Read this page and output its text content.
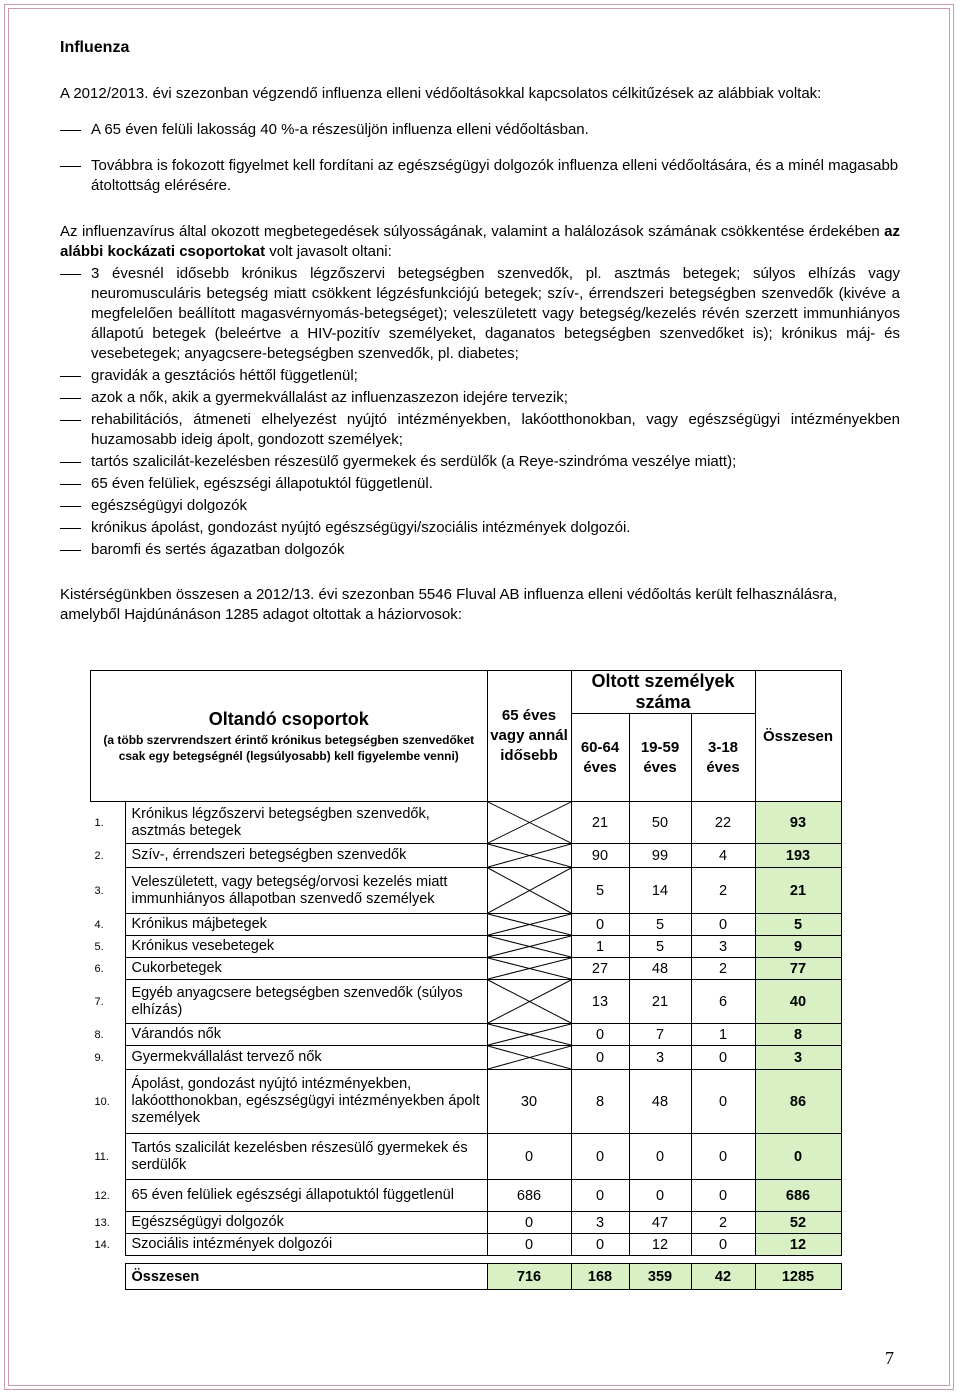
Influenza

A 2012/2013. évi szezonban végzendő influenza elleni védőoltásokkal kapcsolatos célkitűzések az alábbiak voltak:

A 65 éven felüli lakosság 40 %-a részesüljön influenza elleni védőoltásban.

Továbbra is fokozott figyelmet kell fordítani az egészségügyi dolgozók influenza elleni védőoltására, és a minél magasabb átoltottság elérésére.

Az influenzavírus által okozott megbetegedések súlyosságának, valamint a halálozások számának csökkentése érdekében az alábbi kockázati csoportokat volt javasolt oltani:

3 évesnél idősebb krónikus légzőszervi betegségben szenvedők, pl. asztmás betegek; súlyos elhízás vagy neuromusculáris betegség miatt csökkent légzésfunkciójú betegek; szív-, érrendszeri betegségben szenvedők (kivéve a megfelelően beállított magasvérnyomás-betegséget); veleszületett vagy betegség/kezelés révén szerzett immunhiányos állapotú betegek (beleértve a HIV-pozitív személyeket, daganatos betegségben szenvedőket is); krónikus máj- és vesebetegek; anyagcsere-betegségben szenvedők, pl. diabetes;

gravidák a gesztációs héttől függetlenül;

azok a nők, akik a gyermekvállalást az influenzaszezon idejére tervezik;

rehabilitációs, átmeneti elhelyezést nyújtó intézményekben, lakóotthonokban, vagy egészségügyi intézményekben huzamosabb ideig ápolt, gondozott személyek;

tartós szalicilát-kezelésben részesülő gyermekek és serdülők (a Reye-szindróma veszélye miatt);

65 éven felüliek, egészségi állapotuktól függetlenül.

egészségügyi dolgozók

krónikus ápolást, gondozást nyújtó egészségügyi/szociális intézmények dolgozói.

baromfi és sertés ágazatban dolgozók

Kistérségünkben összesen a 2012/13. évi szezonban 5546 Fluval AB influenza elleni védőoltás került felhasználásra, amelyből Hajdúnánáson 1285 adagot oltottak a háziorvosok:

Oltandó csoportok
(a több szervrendszert érintő krónikus betegségben szenvedőket csak egy betegségnél (legsúlyosabb) kell figyelembe venni)		65 éves vagy annál idősebb	Oltott személyek száma			Összesen
			60-64 éves	19-59 éves	3-18 éves	
1.	Krónikus légzőszervi betegségben szenvedők, asztmás betegek		21	50	22	93
2.	Szív-, érrendszeri betegségben szenvedők		90	99	4	193
3.	Veleszületett, vagy betegség/orvosi kezelés miatt immunhiányos állapotban szenvedő személyek		5	14	2	21
4.	Krónikus májbetegek		0	5	0	5
5.	Krónikus vesebetegek		1	5	3	9
6.	Cukorbetegek		27	48	2	77
7.	Egyéb anyagcsere betegségben szenvedők (súlyos elhízás)		13	21	6	40
8.	Várandós nők		0	7	1	8
9.	Gyermekvállalást tervező nők		0	3	0	3
10.	Ápolást, gondozást nyújtó intézményekben, lakóotthonokban, egészségügyi intézményekben ápolt személyek	30	8	48	0	86
11.	Tartós szalicilát kezelésben részesülő gyermekek és serdülők	0	0	0	0	0
12.	65 éven felüliek egészségi állapotuktól függetlenül	686	0	0	0	686
13.	Egészségügyi dolgozók	0	3	47	2	52
14.	Szociális intézmények dolgozói	0	0	12	0	12

	Összesen	716	168	359	42	1285
7
